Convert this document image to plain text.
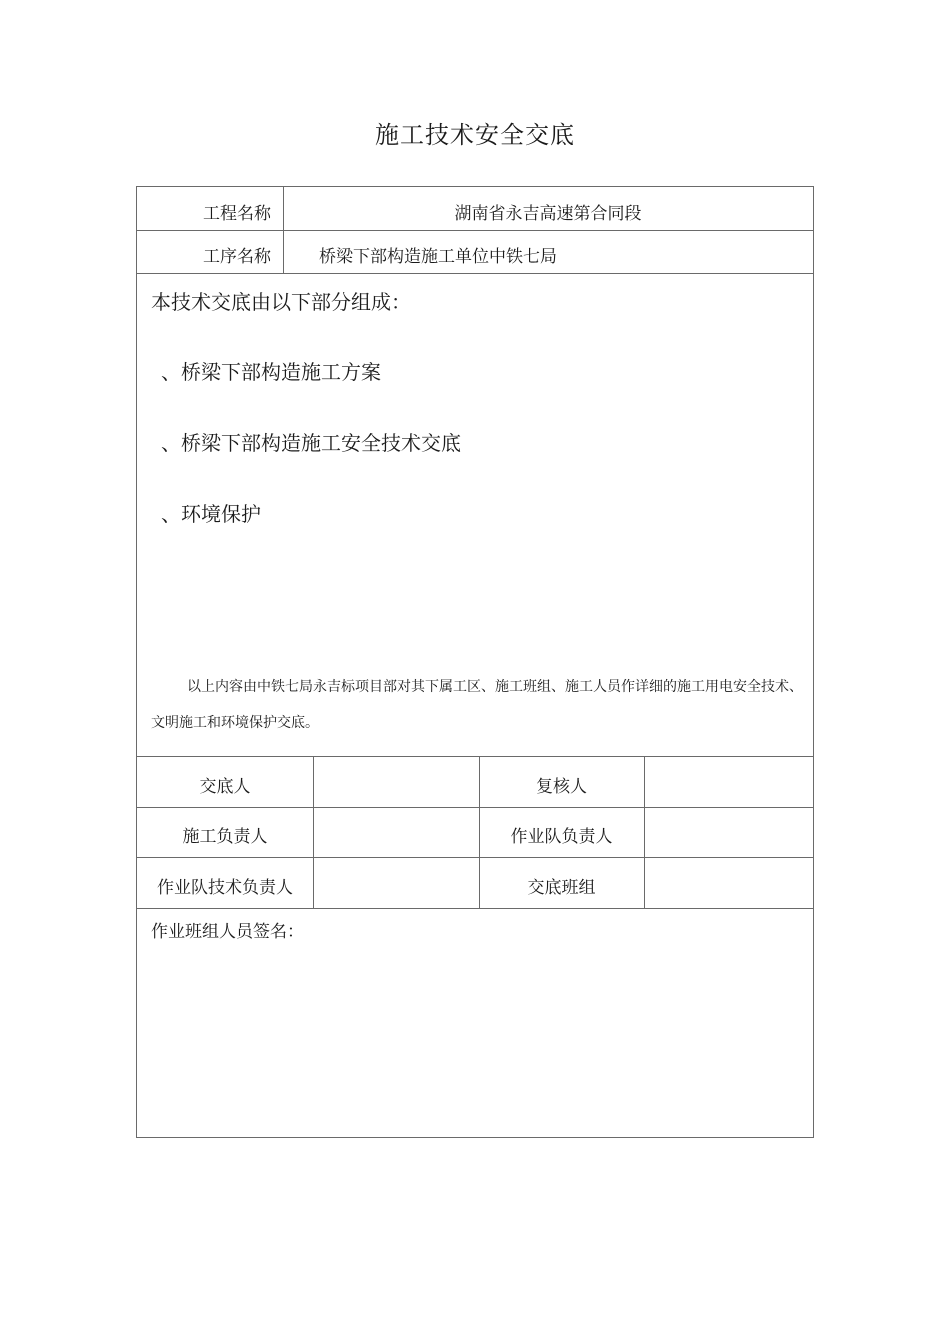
施工技术安全交底
工程名称	湖南省永吉高速第合同段
工序名称	桥梁下部构造施工单位中铁七局
本技术交底由以下部分组成：
、桥梁下部构造施工方案
、桥梁下部构造施工安全技术交底
、环境保护
以上内容由中铁七局永吉标项目部对其下属工区、施工班组、施工人员作详细的施工用电安全技术、文明施工和环境保护交底。
交底人	复核人
施工负责人	作业队负责人
作业队技术负责人	交底班组
作业班组人员签名：
